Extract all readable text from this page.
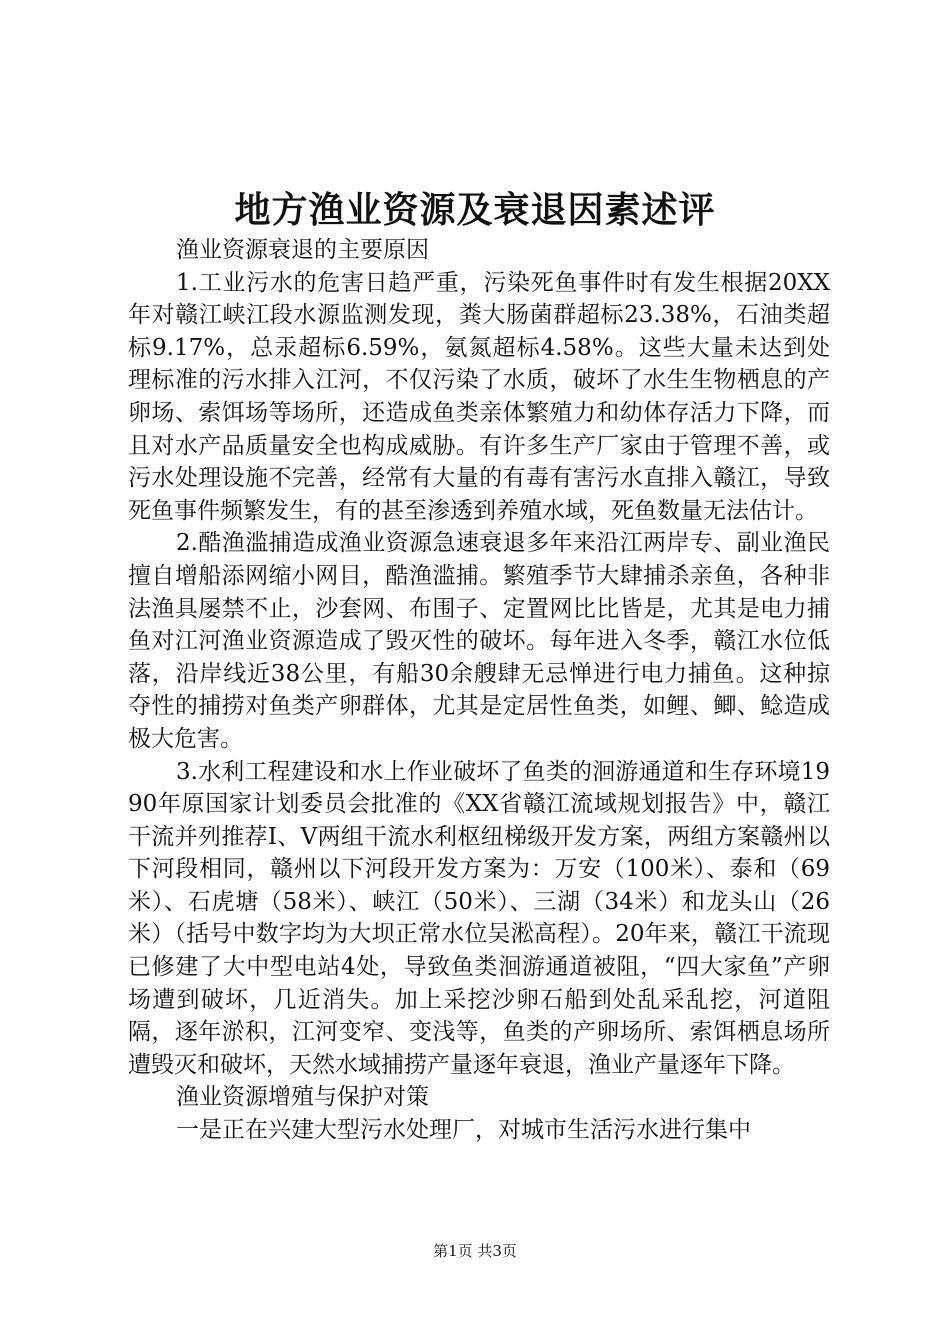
地方渔业资源及衰退因素述评

渔业资源衰退的主要原因

1.工业污水的危害日趋严重，污染死鱼事件时有发生根据20XX年对赣江峡江段水源监测发现，粪大肠菌群超标23.38%，石油类超标9.17%，总汞超标6.59%，氨氮超标4.58%。这些大量未达到处理标准的污水排入江河，不仅污染了水质，破坏了水生生物栖息的产卵场、索饵场等场所，还造成鱼类亲体繁殖力和幼体存活力下降，而且对水产品质量安全也构成威胁。有许多生产厂家由于管理不善，或污水处理设施不完善，经常有大量的有毒有害污水直排入赣江，导致死鱼事件频繁发生，有的甚至渗透到养殖水域，死鱼数量无法估计。

2.酷渔滥捕造成渔业资源急速衰退多年来沿江两岸专、副业渔民擅自增船添网缩小网目，酷渔滥捕。繁殖季节大肆捕杀亲鱼，各种非法渔具屡禁不止，沙套网、布围子、定置网比比皆是，尤其是电力捕鱼对江河渔业资源造成了毁灭性的破坏。每年进入冬季，赣江水位低落，沿岸线近38公里，有船30余艘肆无忌惮进行电力捕鱼。这种掠夺性的捕捞对鱼类产卵群体，尤其是定居性鱼类，如鲤、鲫、鲶造成极大危害。

3.水利工程建设和水上作业破坏了鱼类的洄游通道和生存环境1990年原国家计划委员会批准的《XX省赣江流域规划报告》中，赣江干流并列推荐Ⅰ、Ⅴ两组干流水利枢纽梯级开发方案，两组方案赣州以下河段相同，赣州以下河段开发方案为：万安（100米）、泰和（69米）、石虎塘（58米）、峡江（50米）、三湖（34米）和龙头山（26米）（括号中数字均为大坝正常水位吴淞高程）。20年来，赣江干流现已修建了大中型电站4处，导致鱼类洄游通道被阻，“四大家鱼”产卵场遭到破坏，几近消失。加上采挖沙卵石船到处乱采乱挖，河道阻隔，逐年淤积，江河变窄、变浅等，鱼类的产卵场所、索饵栖息场所遭毁灭和破坏，天然水域捕捞产量逐年衰退，渔业产量逐年下降。

渔业资源增殖与保护对策

一是正在兴建大型污水处理厂，对城市生活污水进行集中

第1页 共3页
